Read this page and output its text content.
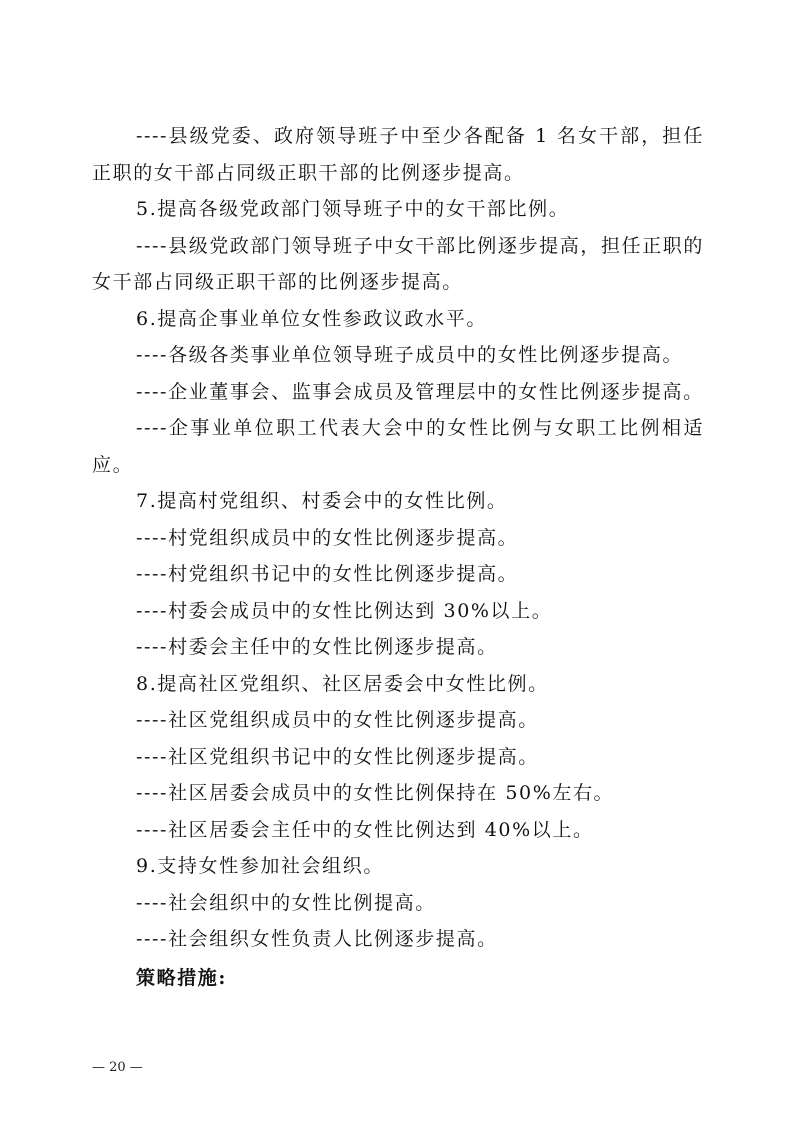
----县级党委、政府领导班子中至少各配备 1 名女干部，担任正职的女干部占同级正职干部的比例逐步提高。

5.提高各级党政部门领导班子中的女干部比例。

----县级党政部门领导班子中女干部比例逐步提高，担任正职的女干部占同级正职干部的比例逐步提高。

6.提高企事业单位女性参政议政水平。

----各级各类事业单位领导班子成员中的女性比例逐步提高。

----企业董事会、监事会成员及管理层中的女性比例逐步提高。

----企事业单位职工代表大会中的女性比例与女职工比例相适应。

7.提高村党组织、村委会中的女性比例。

----村党组织成员中的女性比例逐步提高。

----村党组织书记中的女性比例逐步提高。

----村委会成员中的女性比例达到 30%以上。

----村委会主任中的女性比例逐步提高。

8.提高社区党组织、社区居委会中女性比例。

----社区党组织成员中的女性比例逐步提高。

----社区党组织书记中的女性比例逐步提高。

----社区居委会成员中的女性比例保持在 50%左右。

----社区居委会主任中的女性比例达到 40%以上。

9.支持女性参加社会组织。

----社会组织中的女性比例提高。

----社会组织女性负责人比例逐步提高。

策略措施:

— 20 —
